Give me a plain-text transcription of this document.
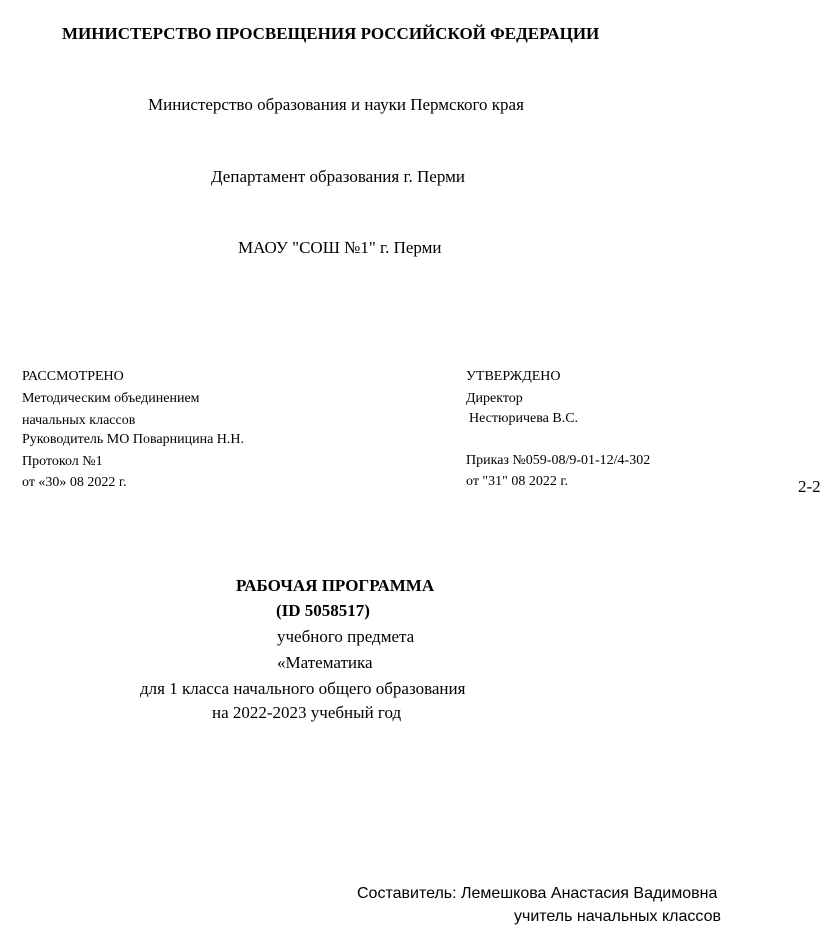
МИНИСТЕРСТВО ПРОСВЕЩЕНИЯ РОССИЙСКОЙ ФЕДЕРАЦИИ
Министерство образования и науки Пермского края
Департамент образования г. Перми
МАОУ "СОШ №1" г. Перми
РАССМОТРЕНО
Методическим объединением
начальных классов
Руководитель МО Поварницина Н.Н.
Протокол №1
от «30» 08 2022 г.
УТВЕРЖДЕНО
Директор
Нестюричева В.С.
Приказ №059-08/9-01-12/4-302
от "31" 08 2022 г.	2-2
РАБОЧАЯ ПРОГРАММА
(ID 5058517)
учебного предмета
«Математика
для 1 класса начального общего образования
на 2022-2023 учебный год
Составитель: Лемешкова Анастасия Вадимовна
учитель начальных классов
